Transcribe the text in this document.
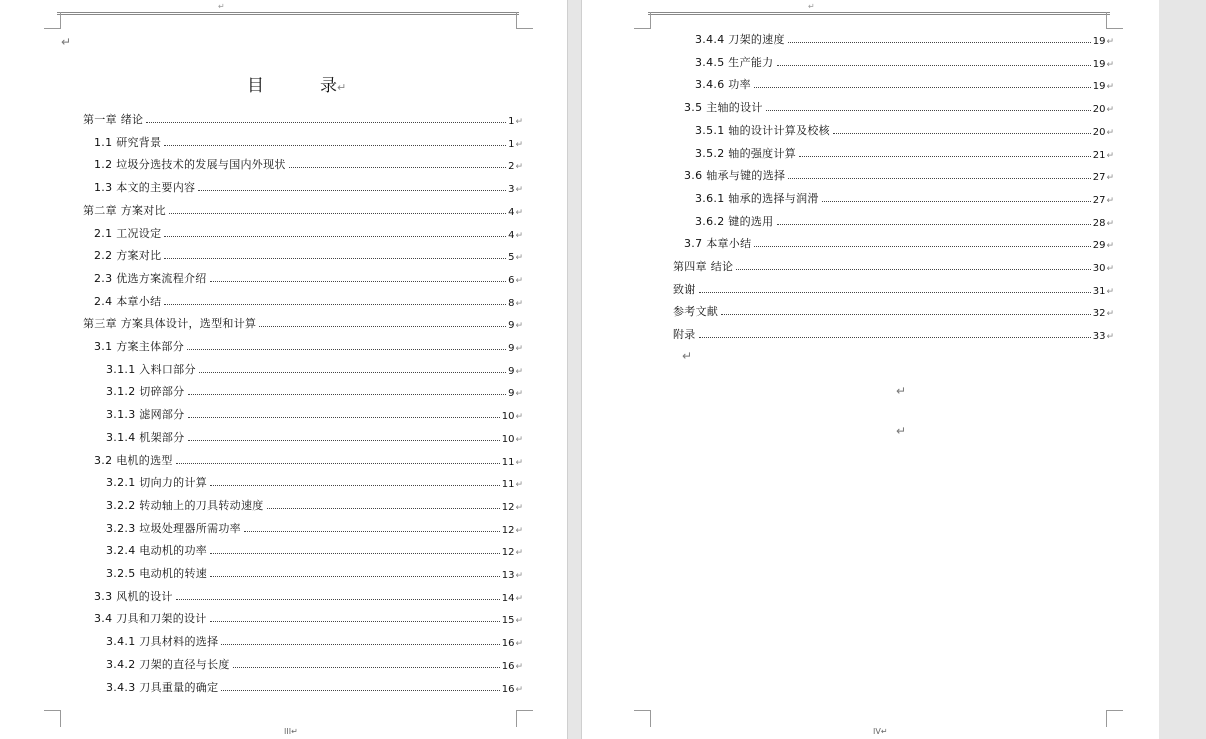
↵
↵
目	录↵
第一章 绪论	1 ↵
1.1 研究背景	1 ↵
1.2 垃圾分选技术的发展与国内外现状	2 ↵
1.3 本文的主要内容	3 ↵
第二章 方案对比	4 ↵
2.1 工况设定	4 ↵
2.2 方案对比	5 ↵
2.3 优选方案流程介绍	6 ↵
2.4 本章小结	8 ↵
第三章 方案具体设计，选型和计算	9 ↵
3.1 方案主体部分	9 ↵
3.1.1 入料口部分	9 ↵
3.1.2 切碎部分	9 ↵
3.1.3 滤网部分	10 ↵
3.1.4 机架部分	10 ↵
3.2 电机的选型	11 ↵
3.2.1 切向力的计算	11 ↵
3.2.2 转动轴上的刀具转动速度	12 ↵
3.2.3 垃圾处理器所需功率	12 ↵
3.2.4 电动机的功率	12 ↵
3.2.5 电动机的转速	13 ↵
3.3 风机的设计	14 ↵
3.4 刀具和刀架的设计	15 ↵
3.4.1 刀具材料的选择	16 ↵
3.4.2 刀架的直径与长度	16 ↵
3.4.3 刀具重量的确定	16 ↵
III↵
↵
3.4.4 刀架的速度	19 ↵
3.4.5 生产能力	19 ↵
3.4.6 功率	19 ↵
3.5 主轴的设计	20 ↵
3.5.1 轴的设计计算及校核	20 ↵
3.5.2 轴的强度计算	21 ↵
3.6 轴承与键的选择	27 ↵
3.6.1 轴承的选择与润滑	27 ↵
3.6.2 键的选用	28 ↵
3.7 本章小结	29 ↵
第四章 结论	30 ↵
致谢	31 ↵
参考文献	32 ↵
附录	33 ↵
↵
↵
↵
IV↵
